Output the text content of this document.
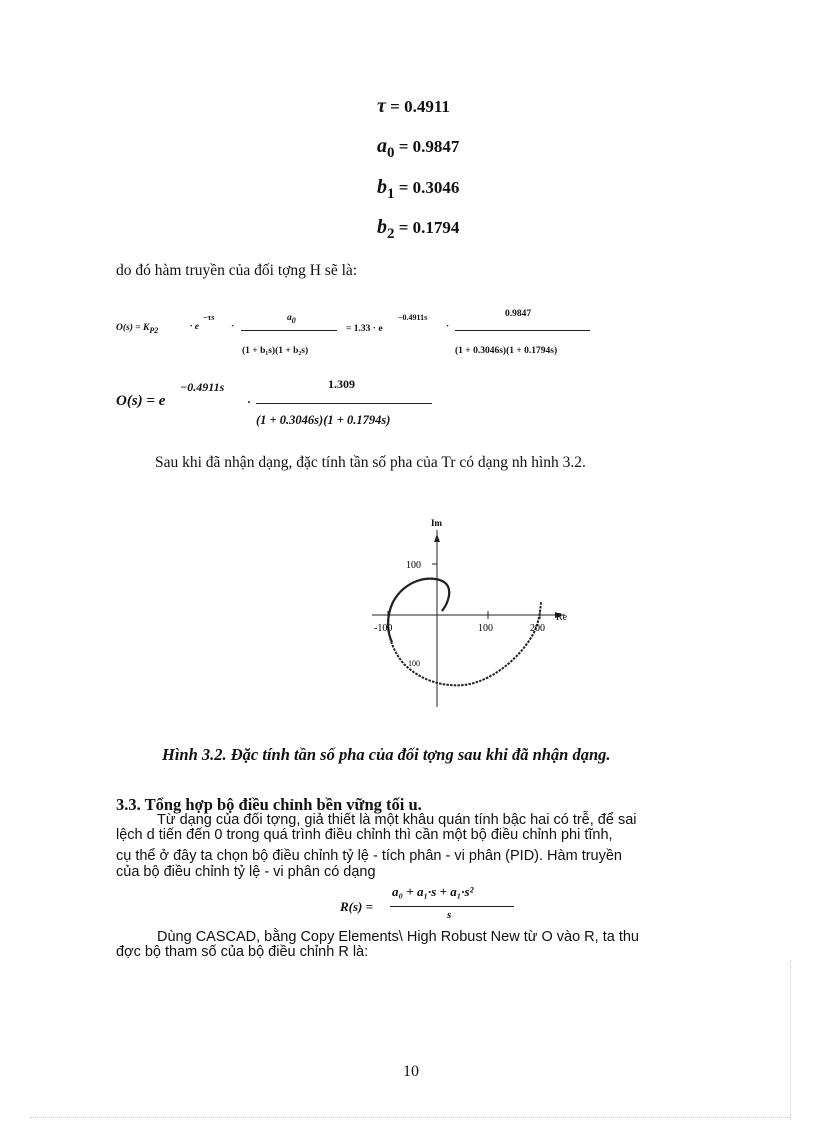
τ = 0.4911
$a_0 = 0.9847$
$b_1 = 0.3046$
$b_2 = 0.1794$
do đó hàm truyền của đối tợng H sẽ là:
$O(s) = K_{P2}$	· e
−τs
·
$a_0$
(1 + b₁s)(1 + b₂s)
= 1.33 · e
−0.4911s
·
0.9847
(1 + 0.3046s)(1 + 0.1794s)
O(s) = e
−0.4911s
·
1.309
(1 + 0.3046s)(1 + 0.1794s)
Sau khi đã nhận dạng, đặc tính tần số pha của Tr có dạng nh hình 3.2.
Im
Re
100
100
-100	100	200
Hình 3.2. Đặc tính tần số pha của đối tợng sau khi đã nhận dạng.
3.3. Tổng hợp bộ điều chỉnh bền vững tối u.
Từ dạng của đối tợng, giả thiết là một khâu quán tính bậc hai có trễ, để sai
lệch d tiến đến 0 trong quá trình điều chỉnh thì cần một bộ điều chỉnh phi tĩnh,
cụ thể ở đây ta chọn bộ điều chỉnh tỷ lệ - tích phân - vi phân (PID). Hàm truyền
của bộ điều chỉnh tỷ lệ - vi phân có dạng
R(s) =
a₀ + a₁·s + a₁·s²
s
Dùng CASCAD, bằng Copy Elements\ High Robust New từ O vào R, ta thu
đợc bộ tham số của bộ điều chỉnh R là:
10
